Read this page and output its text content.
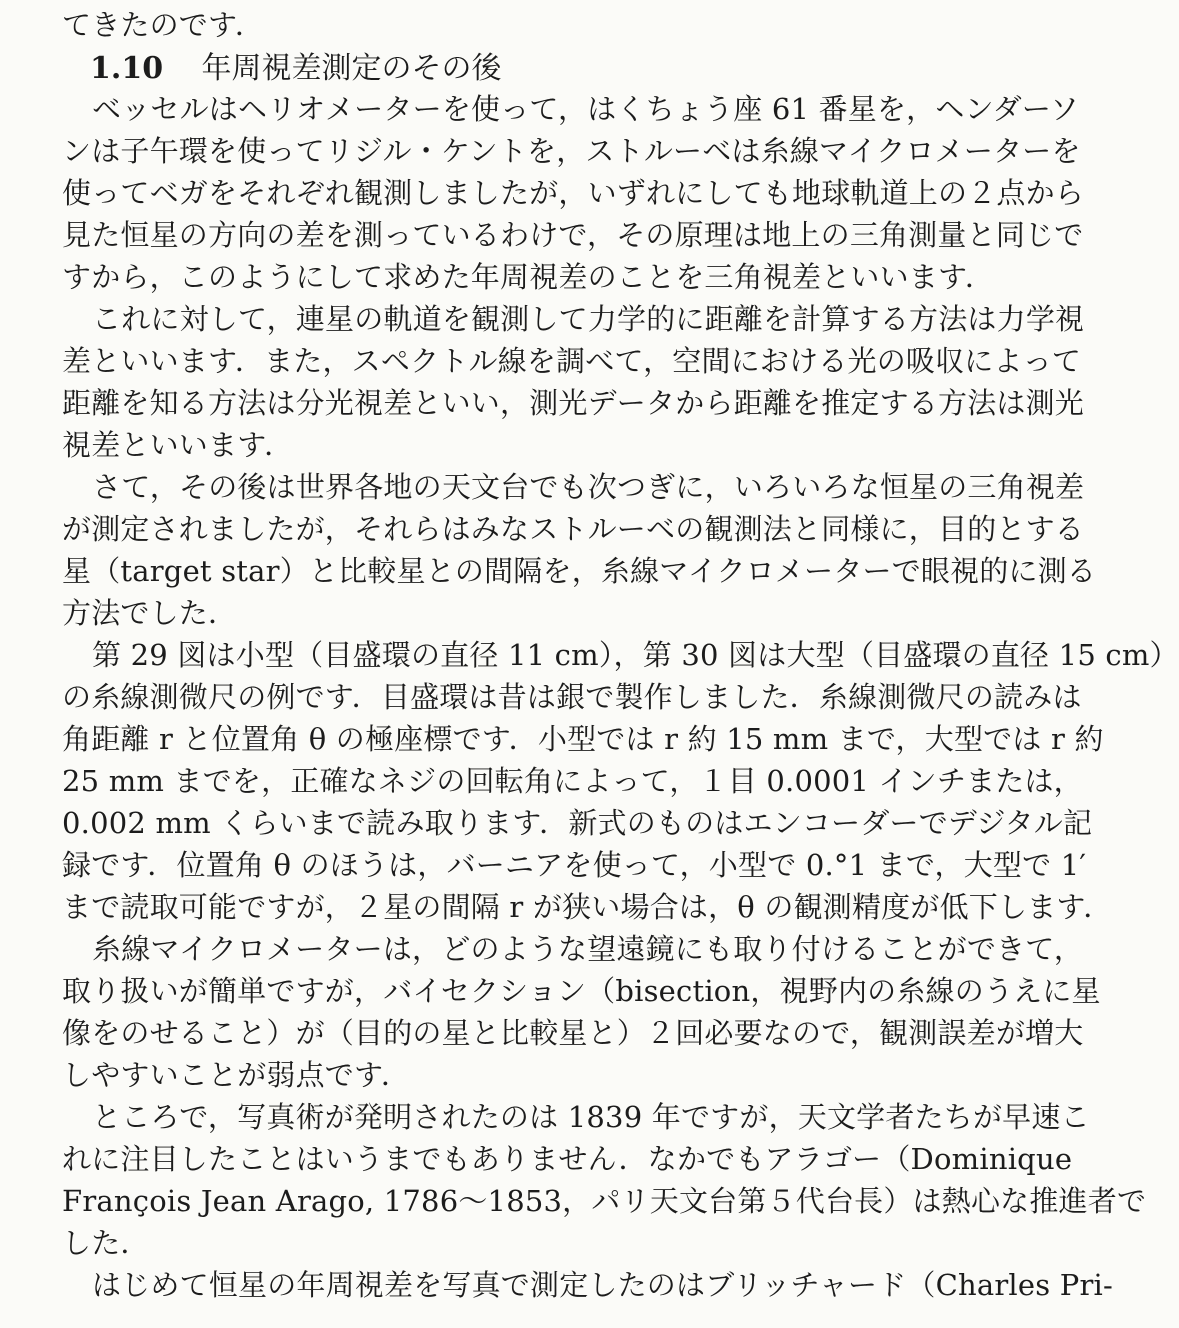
てきたのです．
1.10 年周視差測定のその後
ベッセルはヘリオメーターを使って，はくちょう座 61 番星を，ヘンダーソ
ンは子午環を使ってリジル・ケントを，ストルーベは糸線マイクロメーターを
使ってベガをそれぞれ観測しましたが，いずれにしても地球軌道上の２点から
見た恒星の方向の差を測っているわけで，その原理は地上の三角測量と同じで
すから，このようにして求めた年周視差のことを三角視差といいます．
これに対して，連星の軌道を観測して力学的に距離を計算する方法は力学視
差といいます．また，スペクトル線を調べて，空間における光の吸収によって
距離を知る方法は分光視差といい，測光データから距離を推定する方法は測光
視差といいます．
さて，その後は世界各地の天文台でも次つぎに，いろいろな恒星の三角視差
が測定されましたが，それらはみなストルーベの観測法と同様に，目的とする
星（target star）と比較星との間隔を，糸線マイクロメーターで眼視的に測る
方法でした．
第 29 図は小型（目盛環の直径 11 cm），第 30 図は大型（目盛環の直径 15 cm）
の糸線測微尺の例です．目盛環は昔は銀で製作しました．糸線測微尺の読みは
角距離 r と位置角 θ の極座標です．小型では r 約 15 mm まで，大型では r 約
25 mm までを，正確なネジの回転角によって，１目 0.0001 インチまたは，
0.002 mm くらいまで読み取ります．新式のものはエンコーダーでデジタル記
録です．位置角 θ のほうは，バーニアを使って，小型で 0.°1 まで，大型で 1′
まで読取可能ですが，２星の間隔 r が狭い場合は，θ の観測精度が低下します．
糸線マイクロメーターは，どのような望遠鏡にも取り付けることができて，
取り扱いが簡単ですが，バイセクション（bisection，視野内の糸線のうえに星
像をのせること）が（目的の星と比較星と）２回必要なので，観測誤差が増大
しやすいことが弱点です．
ところで，写真術が発明されたのは 1839 年ですが，天文学者たちが早速こ
れに注目したことはいうまでもありません．なかでもアラゴー（Dominique
François Jean Arago, 1786～1853，パリ天文台第５代台長）は熱心な推進者で
した．
はじめて恒星の年周視差を写真で測定したのはブリッチャード（Charles Pri-
